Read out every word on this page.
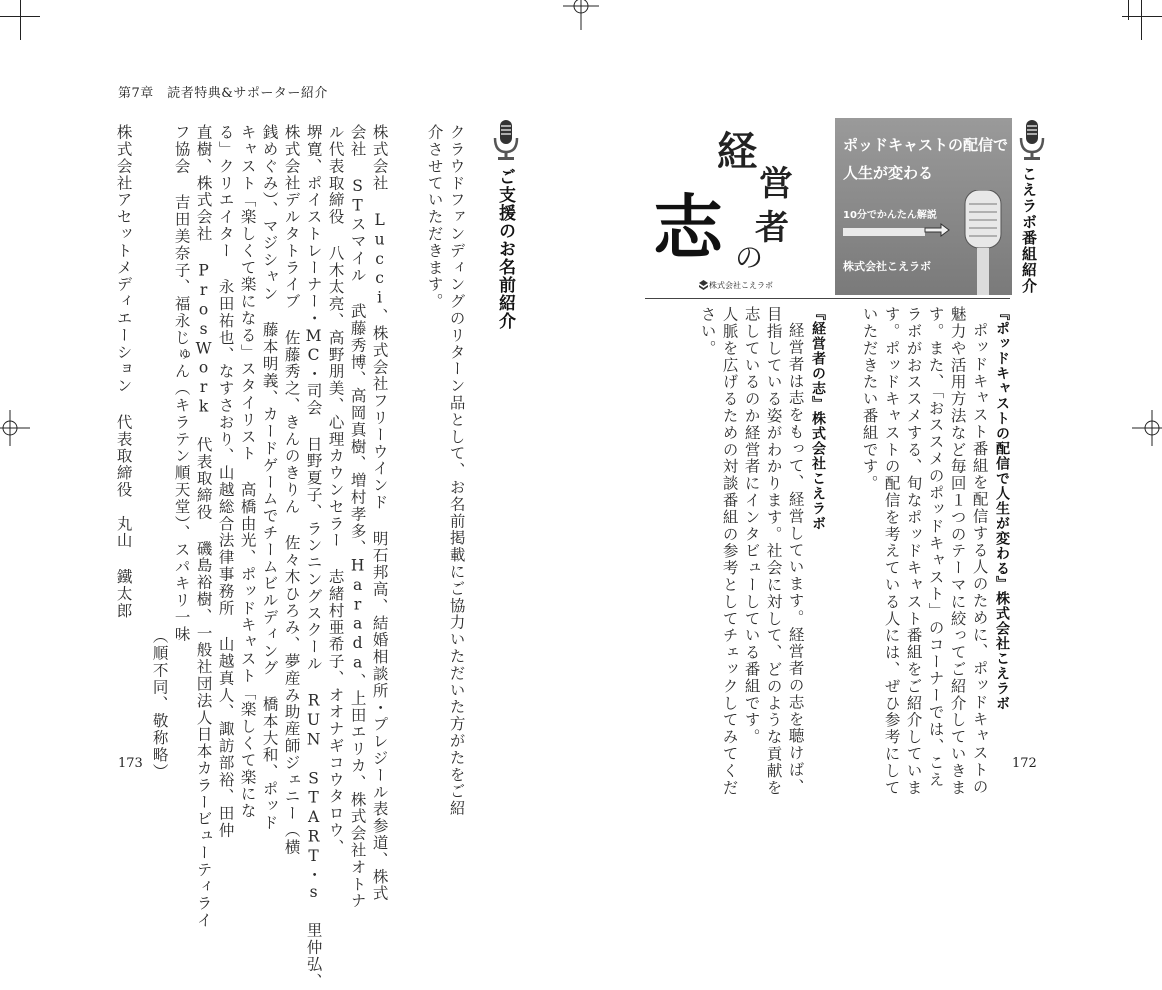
第7章　読者特典&サポーター紹介
173
ご支援のお名前紹介
クラウドファンディングのリターン品として、お名前掲載にご協力いただいた方がたをご紹
介させていただきます。
株式会社 Lucci、株式会社フリーウインド 明石邦高、結婚相談所・プレジール表参道、株式
会社 STスマイル 武藤秀博、高岡真樹、増村孝多、Harada、上田エリカ、株式会社オトナ
ル代表取締役 八木太亮、高野朋美、心理カウンセラー 志緒村亜希子、オオナギコウタロウ、
堺寛、ポイストレーナー・MC・司会 日野夏子、ランニングスクール RUN START・s 里仲弘、
株式会社デルタトライブ 佐藤秀之、きんのきりん 佐々木ひろみ、夢産み助産師ジェニー（横
銭めぐみ）、マジシャン 藤本明義、カードゲームでチームビルディング 橋本大和、ポッド
キャスト「楽しくて楽になる」スタイリスト 高橋由光、ポッドキャスト「楽しくて楽にな
る」クリエイター 永田祐也、なすさおり、山越総合法律事務所 山越真人、諏訪部裕、田仲
直樹、株式会社 ProsWork 代表取締役 磯島裕樹、一般社団法人日本カラービューティライ
フ協会 吉田美奈子、福永じゅん（キラテン順天堂）、スパキリ一味
（順不同、敬称略）
株式会社アセットメディエーション 代表取締役　丸山 鐵太郎
172
こえラボ番組紹介
ポッドキャストの配信で
人生が変わる
10分でかんたん解説
株式会社こえラボ
経
営
者
の
志
株式会社こえラボ
『ポッドキャストの配信で人生が変わる』株式会社こえラボ
ポッドキャスト番組を配信する人のために、ポッドキャストの
魅力や活用方法など毎回１つのテーマに絞ってご紹介していきま
す。また、「おススメのポッドキャスト」のコーナーでは、こえ
ラボがおススメする、旬なポッドキャスト番組をご紹介していま
す。ポッドキャストの配信を考えている人には、ぜひ参考にして
いただきたい番組です。
『経営者の志』株式会社こえラボ
経営者は志をもって、経営しています。経営者の志を聴けば、
目指している姿がわかります。社会に対して、どのような貢献を
志しているのか経営者にインタビューしている番組です。
人脈を広げるための対談番組の参考としてチェックしてみてくだ
さい。
